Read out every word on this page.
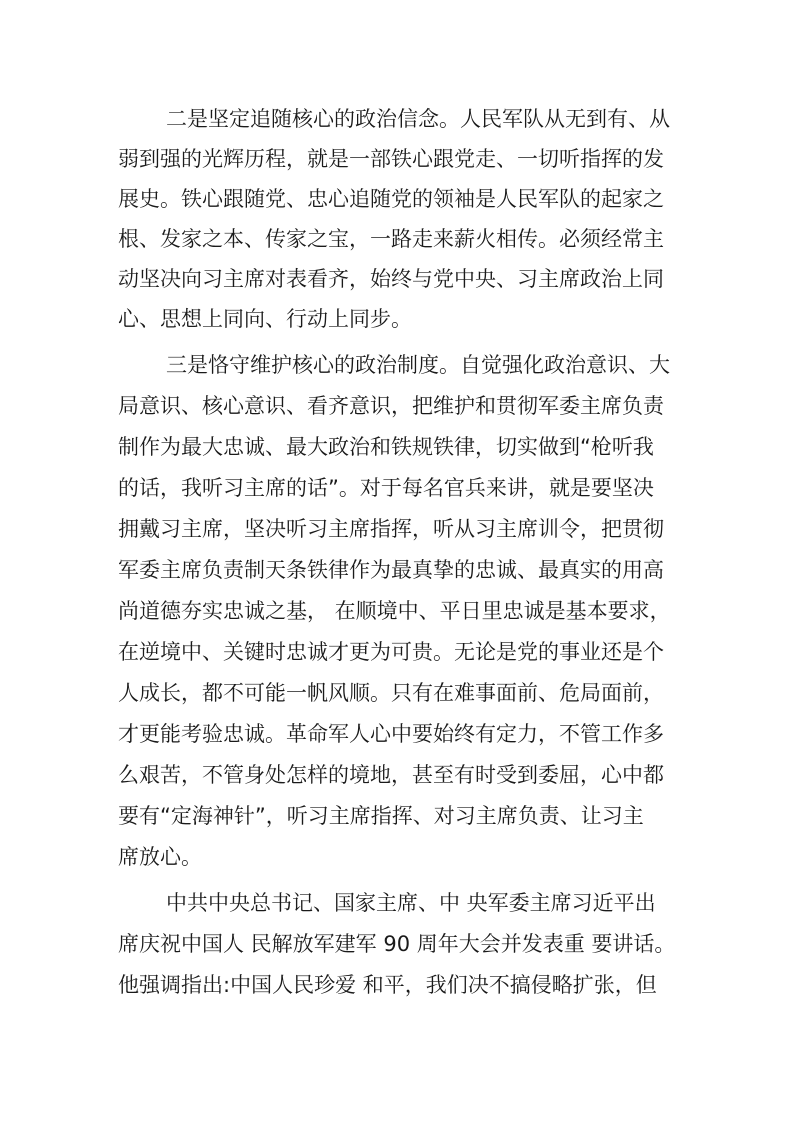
二是坚定追随核心的政治信念。人民军队从无到有、从

弱到强的光辉历程，就是一部铁心跟党走、一切听指挥的发

展史。铁心跟随党、忠心追随党的领袖是人民军队的起家之

根、发家之本、传家之宝，一路走来薪火相传。必须经常主

动坚决向习主席对表看齐，始终与党中央、习主席政治上同

心、思想上同向、行动上同步。

三是恪守维护核心的政治制度。自觉强化政治意识、大

局意识、核心意识、看齐意识，把维护和贯彻军委主席负责

制作为最大忠诚、最大政治和铁规铁律，切实做到“枪听我

的话，我听习主席的话”。对于每名官兵来讲，就是要坚决

拥戴习主席，坚决听习主席指挥，听从习主席训令，把贯彻

军委主席负责制天条铁律作为最真挚的忠诚、最真实的用高

尚道德夯实忠诚之基， 在顺境中、平日里忠诚是基本要求，

在逆境中、关键时忠诚才更为可贵。无论是党的事业还是个

人成长，都不可能一帆风顺。只有在难事面前、危局面前，

才更能考验忠诚。革命军人心中要始终有定力，不管工作多

么艰苦，不管身处怎样的境地，甚至有时受到委屈，心中都

要有“定海神针”，听习主席指挥、对习主席负责、让习主

席放心。

中共中央总书记、国家主席、中 央军委主席习近平出

席庆祝中国人 民解放军建军 90 周年大会并发表重 要讲话。

他强调指出:中国人民珍爱 和平，我们决不搞侵略扩张，但
